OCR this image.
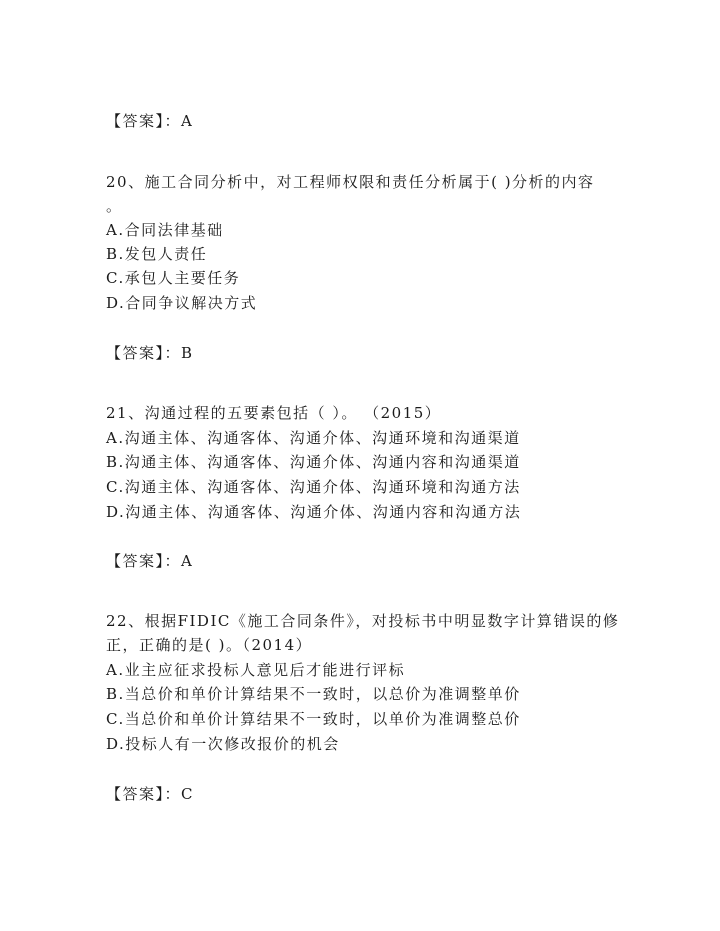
【答案】：A
20、施工合同分析中，对工程师权限和责任分析属于( )分析的内容
。
A.合同法律基础
B.发包人责任
C.承包人主要任务
D.合同争议解决方式
【答案】：B
21、沟通过程的五要素包括（ ）。 （2015）
A.沟通主体、沟通客体、沟通介体、沟通环境和沟通渠道
B.沟通主体、沟通客体、沟通介体、沟通内容和沟通渠道
C.沟通主体、沟通客体、沟通介体、沟通环境和沟通方法
D.沟通主体、沟通客体、沟通介体、沟通内容和沟通方法
【答案】：A
22、根据FIDIC《施工合同条件》，对投标书中明显数字计算错误的修
正，正确的是( )。（2014）
A.业主应征求投标人意见后才能进行评标
B.当总价和单价计算结果不一致时，以总价为准调整单价
C.当总价和单价计算结果不一致时，以单价为准调整总价
D.投标人有一次修改报价的机会
【答案】：C
